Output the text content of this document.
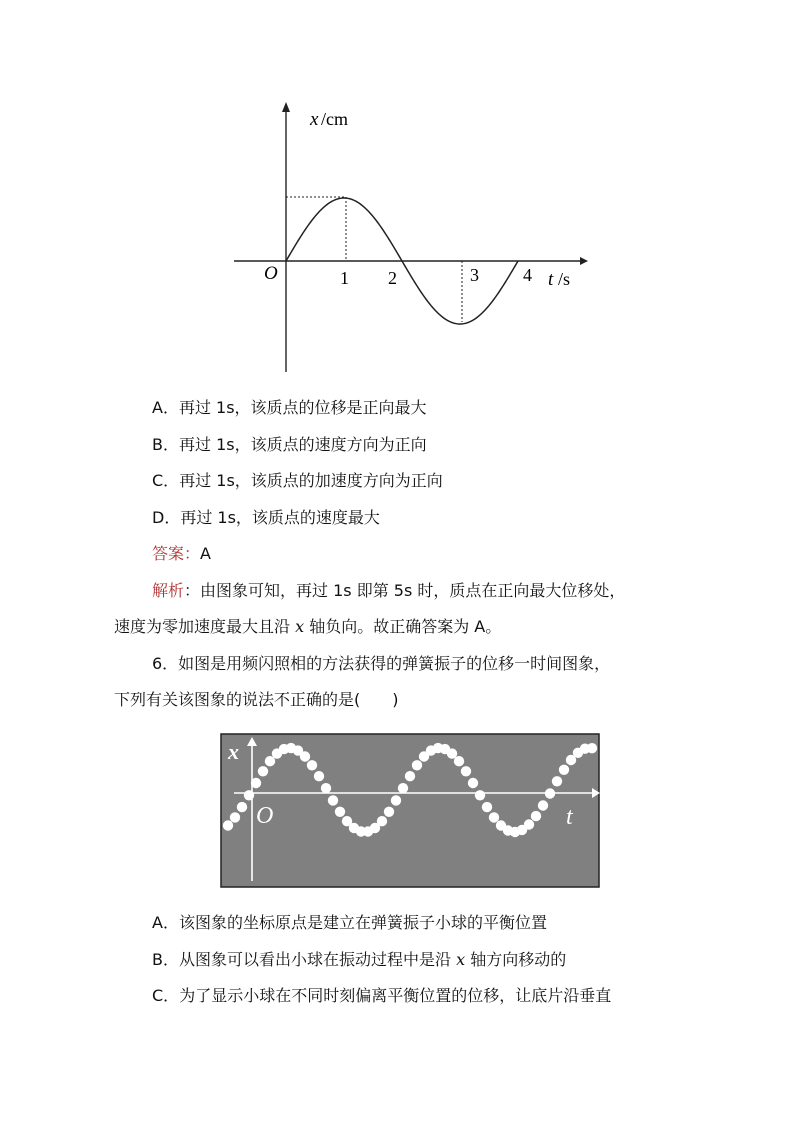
x /cm
O	1 2	3 4 t /s
A．再过 1s，该质点的位移是正向最大
B．再过 1s，该质点的速度方向为正向
C．再过 1s，该质点的加速度方向为正向
D．再过 1s，该质点的速度最大
答案：A
解析：由图象可知，再过 1s 即第 5s 时，质点在正向最大位移处，
速度为零加速度最大且沿 x 轴负向。故正确答案为 A。
6．如图是用频闪照相的方法获得的弹簧振子的位移一时间图象，
下列有关该图象的说法不正确的是(　　)
x
O	t
A．该图象的坐标原点是建立在弹簧振子小球的平衡位置
B．从图象可以看出小球在振动过程中是沿 x 轴方向移动的
C．为了显示小球在不同时刻偏离平衡位置的位移，让底片沿垂直
